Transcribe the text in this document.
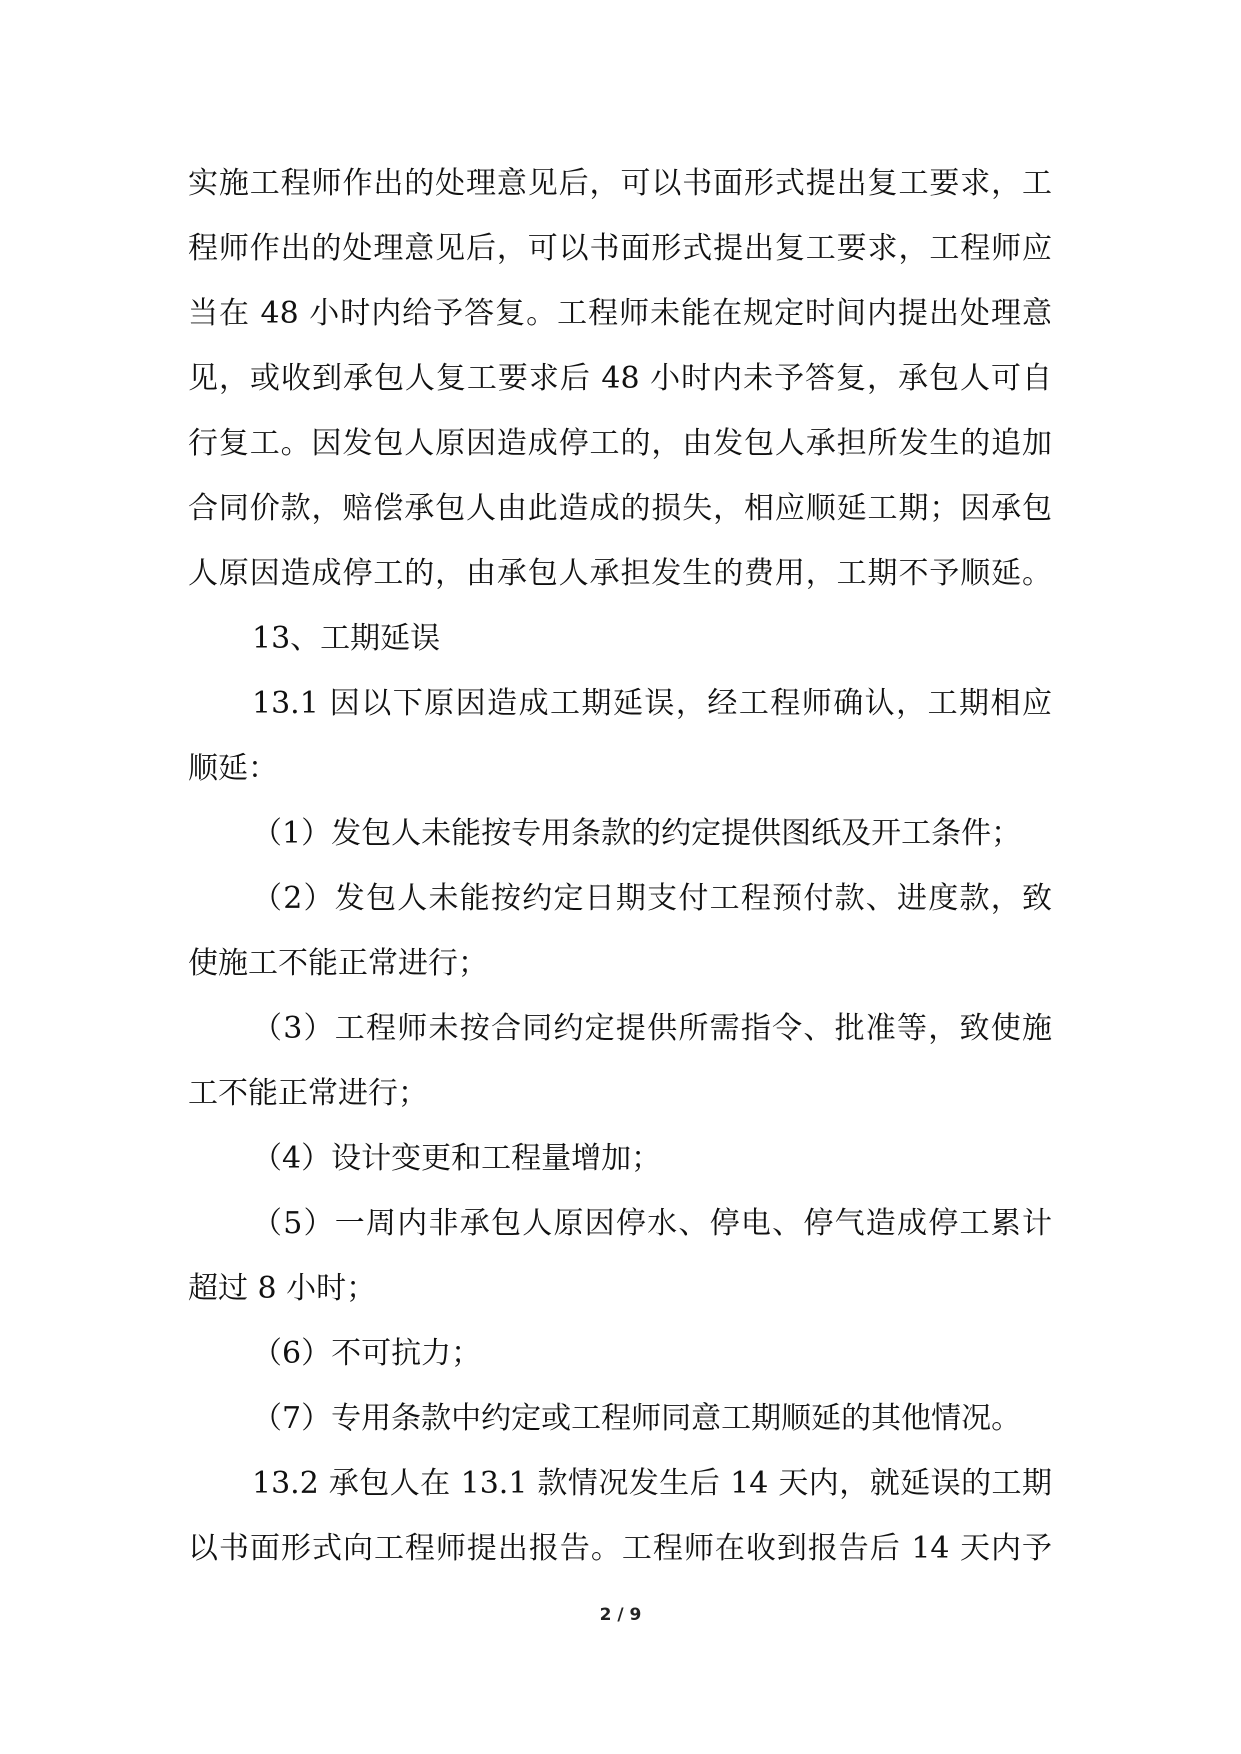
实施工程师作出的处理意见后，可以书面形式提出复工要求，工
程师作出的处理意见后，可以书面形式提出复工要求，工程师应
当在 48 小时内给予答复。工程师未能在规定时间内提出处理意
见，或收到承包人复工要求后 48 小时内未予答复，承包人可自
行复工。因发包人原因造成停工的，由发包人承担所发生的追加
合同价款，赔偿承包人由此造成的损失，相应顺延工期；因承包
人原因造成停工的，由承包人承担发生的费用，工期不予顺延。
13、工期延误
13.1 因以下原因造成工期延误，经工程师确认，工期相应
顺延：
（1）发包人未能按专用条款的约定提供图纸及开工条件；
（2）发包人未能按约定日期支付工程预付款、进度款，致
使施工不能正常进行；
（3）工程师未按合同约定提供所需指令、批准等，致使施
工不能正常进行；
（4）设计变更和工程量增加；
（5）一周内非承包人原因停水、停电、停气造成停工累计
超过 8 小时；
（6）不可抗力；
（7）专用条款中约定或工程师同意工期顺延的其他情况。
13.2 承包人在 13.1 款情况发生后 14 天内，就延误的工期
以书面形式向工程师提出报告。工程师在收到报告后 14 天内予
2 / 9
